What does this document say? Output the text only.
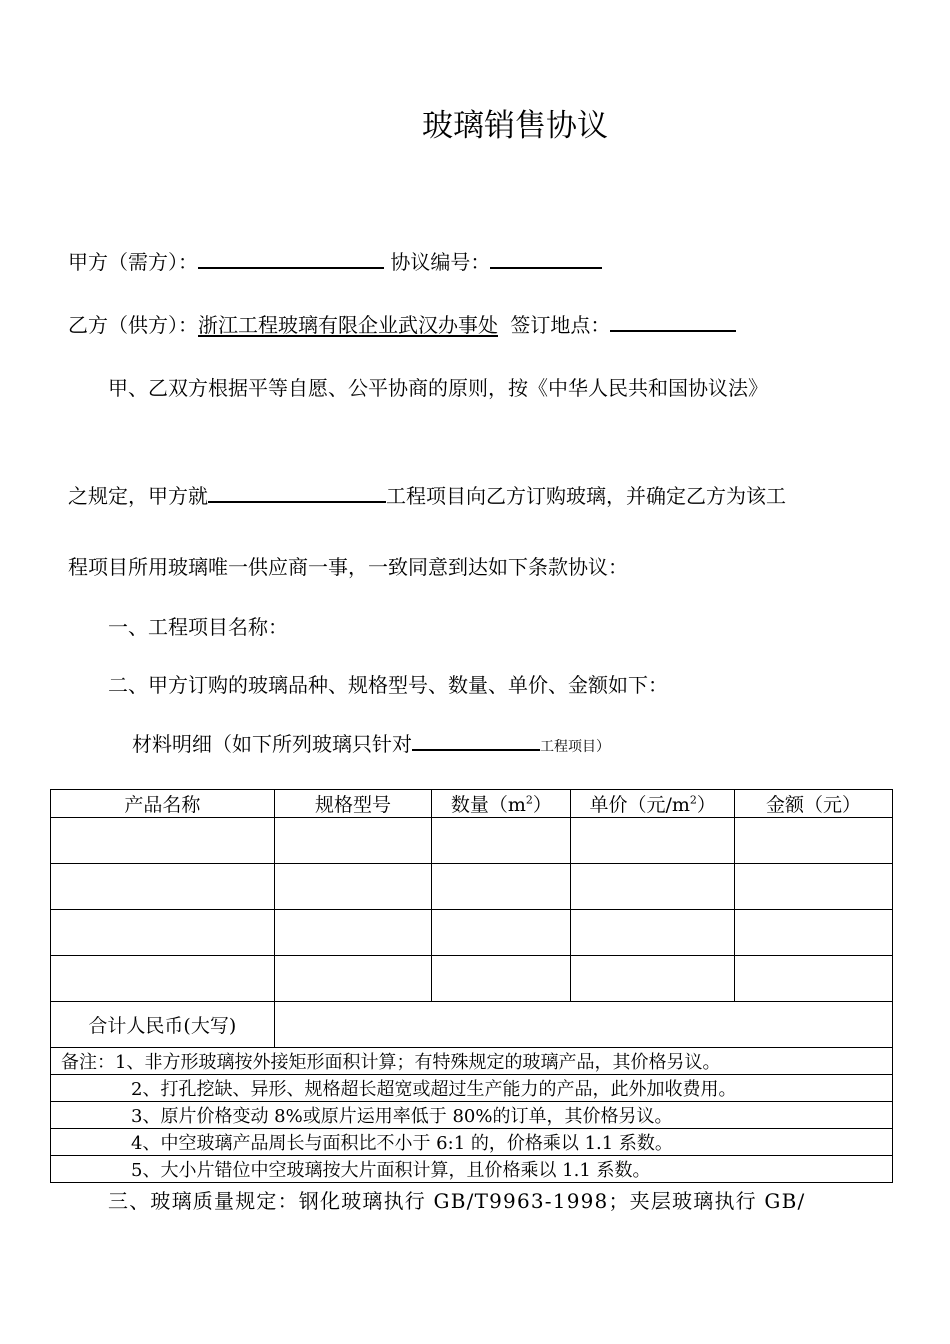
玻璃销售协议
甲方（需方）：	协议编号：
乙方（供方）：浙江工程玻璃有限企业武汉办事处 签订地点：
甲、乙双方根据平等自愿、公平协商的原则，按《中华人民共和国协议法》
之规定，甲方就	工程项目向乙方订购玻璃，并确定乙方为该工
程项目所用玻璃唯一供应商一事，一致同意到达如下条款协议：
一、工程项目名称：
二、甲方订购的玻璃品种、规格型号、数量、单价、金额如下：
材料明细（如下所列玻璃只针对	工程项目）
产品名称	规格型号	数量$(m^2)$	单价（元$/m^2$）	金额（元）

合计人民币(大写)				
备注：1、非方形玻璃按外接矩形面积计算；有特殊规定的玻璃产品，其价格另议。				
2、打孔挖缺、异形、规格超长超宽或超过生产能力的产品，此外加收费用。				
3、原片价格变动 8%或原片运用率低于 80%的订单，其价格另议。				
4、中空玻璃产品周长与面积比不小于 6:1 的，价格乘以 1.1 系数。				
5、大小片错位中空玻璃按大片面积计算，且价格乘以 1.1 系数。				
三、玻璃质量规定：钢化玻璃执行 GB/T9963-1998；夹层玻璃执行 GB/
